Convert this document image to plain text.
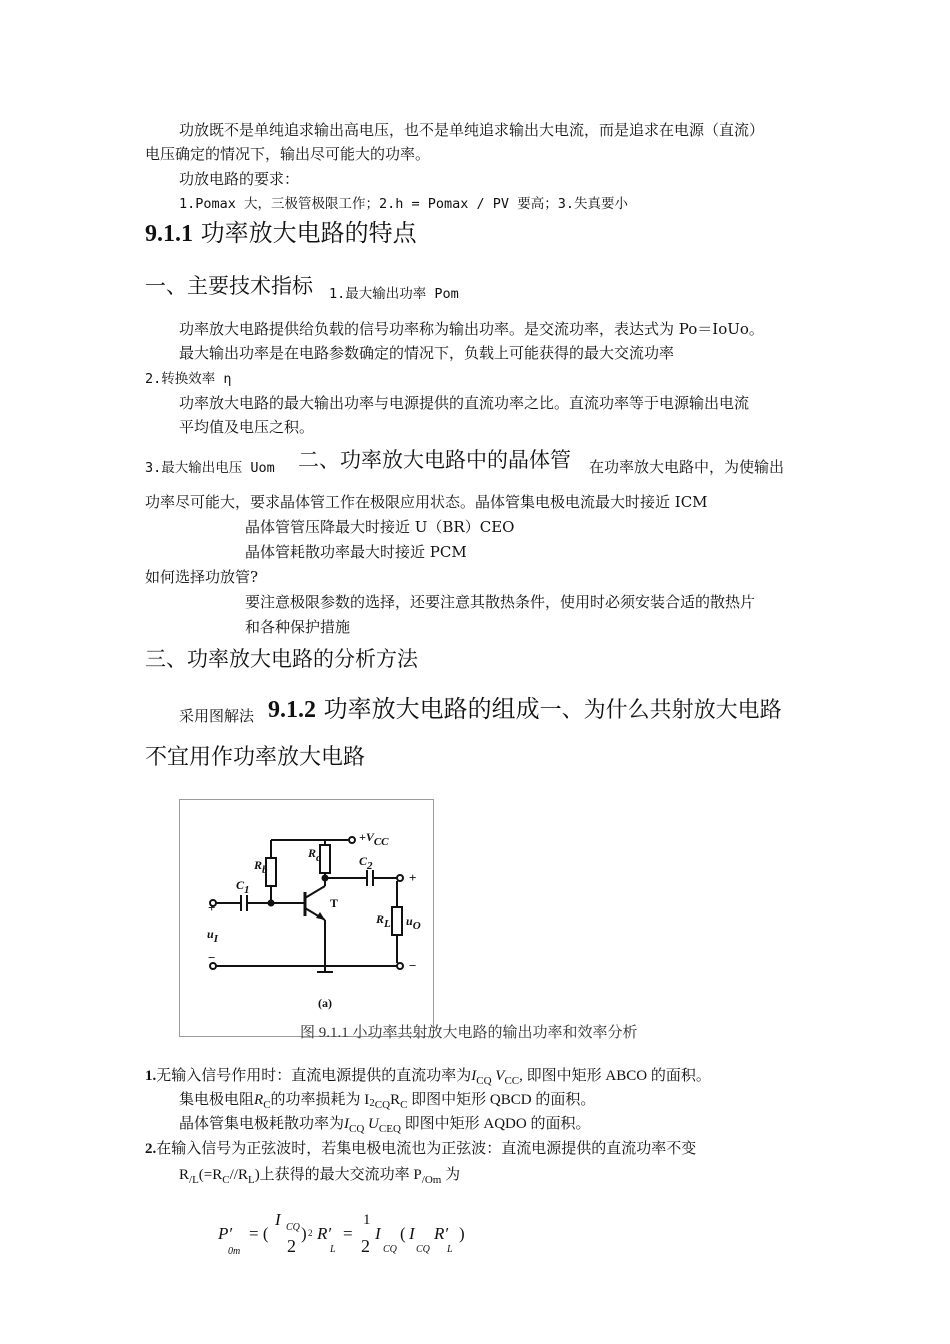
功放既不是单纯追求输出高电压，也不是单纯追求输出大电流，而是追求在电源（直流）
电压确定的情况下，输出尽可能大的功率。
功放电路的要求：
1.Pomax 大，三极管极限工作；2.h = Pomax / PV 要高；3.失真要小
9.1.1 功率放大电路的特点
一、主要技术指标 1.最大输出功率 Pom
功率放大电路提供给负载的信号功率称为输出功率。是交流功率，表达式为 Po＝IoUo。
最大输出功率是在电路参数确定的情况下，负载上可能获得的最大交流功率
2.转换效率 η
功率放大电路的最大输出功率与电源提供的直流功率之比。直流功率等于电源输出电流
平均值及电压之积。
3.最大输出电压 Uom 二、功率放大电路中的晶体管 在功率放大电路中，为使输出
功率尽可能大，要求晶体管工作在极限应用状态。晶体管集电极电流最大时接近 ICM
晶体管管压降最大时接近 U（BR）CEO
晶体管耗散功率最大时接近 PCM
如何选择功放管?
要注意极限参数的选择，还要注意其散热条件，使用时必须安装合适的散热片
和各种保护措施
三、功率放大电路的分析方法
采用图解法 9.1.2 功率放大电路的组成一、为什么共射放大电路
不宜用作功率放大电路
+VCC
Rb
Rc
C1
C2
T
RL
uI
uO
+
+
−
−
(a)
图 9.1.1 小功率共射放大电路的输出功率和效率分析
1.无输入信号作用时：直流电源提供的直流功率为$I_{CQ}$ $V_{CC}$, 即图中矩形 ABCO 的面积。
集电极电阻$R_C$的功率损耗为 $I2_{CQ}R_C$ 即图中矩形 QBCD 的面积。
晶体管集电极耗散功率为$I_{CQ}$ $U_{CEQ}$ 即图中矩形 AQDO 的面积。
2.在输入信号为正弦波时，若集电极电流也为正弦波：直流电源提供的直流功率不变
$R_{/L}(=R_C//R_L)$上获得的最大交流功率 $P_{/Om}$ 为
P′
0m
= (
I CQ
2
) 2 R′
L
=
1
2
I
CQ
( I
CQ
R′
L
)
